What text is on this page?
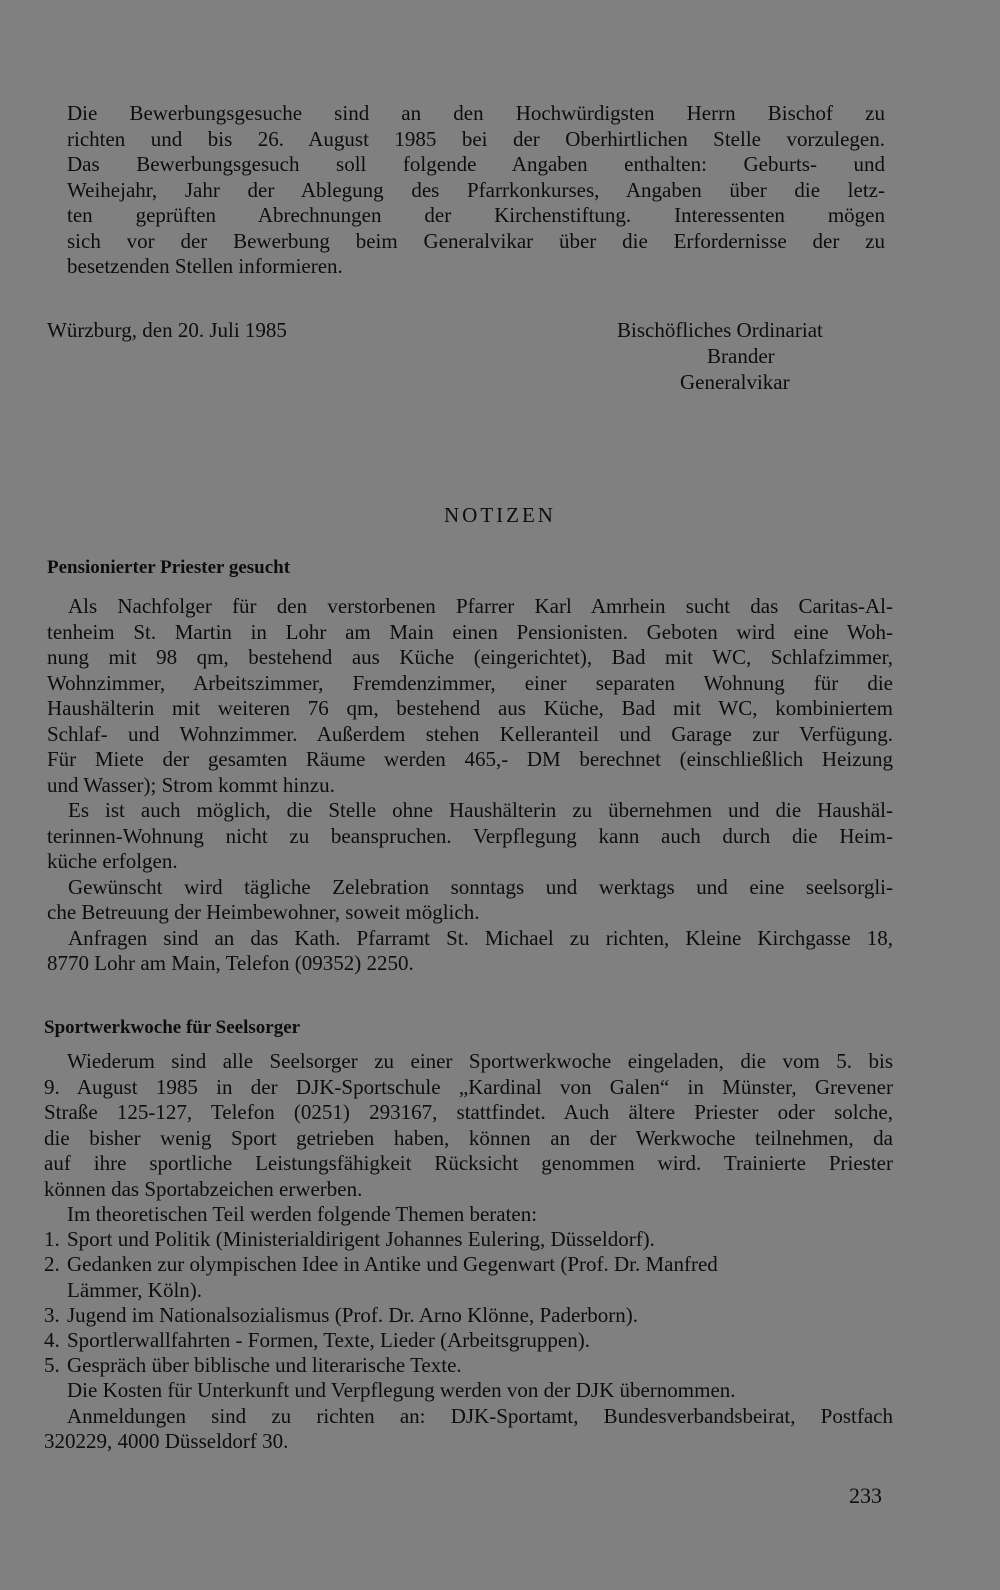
Die Bewerbungsgesuche sind an den Hochwürdigsten Herrn Bischof zu
richten und bis 26. August 1985 bei der Oberhirtlichen Stelle vorzulegen.
Das Bewerbungsgesuch soll folgende Angaben enthalten: Geburts- und
Weihejahr, Jahr der Ablegung des Pfarrkonkurses, Angaben über die letz-
ten geprüften Abrechnungen der Kirchenstiftung. Interessenten mögen
sich vor der Bewerbung beim Generalvikar über die Erfordernisse der zu
besetzenden Stellen informieren.
Würzburg, den 20. Juli 1985	Bischöfliches Ordinariat
Brander
Generalvikar
NOTIZEN
Pensionierter Priester gesucht
Als Nachfolger für den verstorbenen Pfarrer Karl Amrhein sucht das Caritas-Al-
tenheim St. Martin in Lohr am Main einen Pensionisten. Geboten wird eine Woh-
nung mit 98 qm, bestehend aus Küche (eingerichtet), Bad mit WC, Schlafzimmer,
Wohnzimmer, Arbeitszimmer, Fremdenzimmer, einer separaten Wohnung für die
Haushälterin mit weiteren 76 qm, bestehend aus Küche, Bad mit WC, kombiniertem
Schlaf- und Wohnzimmer. Außerdem stehen Kelleranteil und Garage zur Verfügung.
Für Miete der gesamten Räume werden 465,- DM berechnet (einschließlich Heizung
und Wasser); Strom kommt hinzu.
Es ist auch möglich, die Stelle ohne Haushälterin zu übernehmen und die Haushäl-
terinnen-Wohnung nicht zu beanspruchen. Verpflegung kann auch durch die Heim-
küche erfolgen.
Gewünscht wird tägliche Zelebration sonntags und werktags und eine seelsorgli-
che Betreuung der Heimbewohner, soweit möglich.
Anfragen sind an das Kath. Pfarramt St. Michael zu richten, Kleine Kirchgasse 18,
8770 Lohr am Main, Telefon (09352) 2250.
Sportwerkwoche für Seelsorger
Wiederum sind alle Seelsorger zu einer Sportwerkwoche eingeladen, die vom 5. bis
9. August 1985 in der DJK-Sportschule „Kardinal von Galen“ in Münster, Grevener
Straße 125-127, Telefon (0251) 293167, stattfindet. Auch ältere Priester oder solche,
die bisher wenig Sport getrieben haben, können an der Werkwoche teilnehmen, da
auf ihre sportliche Leistungsfähigkeit Rücksicht genommen wird. Trainierte Priester
können das Sportabzeichen erwerben.
Im theoretischen Teil werden folgende Themen beraten:
1. Sport und Politik (Ministerialdirigent Johannes Eulering, Düsseldorf).
2. Gedanken zur olympischen Idee in Antike und Gegenwart (Prof. Dr. Manfred
Lämmer, Köln).
3. Jugend im Nationalsozialismus (Prof. Dr. Arno Klönne, Paderborn).
4. Sportlerwallfahrten - Formen, Texte, Lieder (Arbeitsgruppen).
5. Gespräch über biblische und literarische Texte.
Die Kosten für Unterkunft und Verpflegung werden von der DJK übernommen.
Anmeldungen sind zu richten an: DJK-Sportamt, Bundesverbandsbeirat, Postfach
320229, 4000 Düsseldorf 30.
233
